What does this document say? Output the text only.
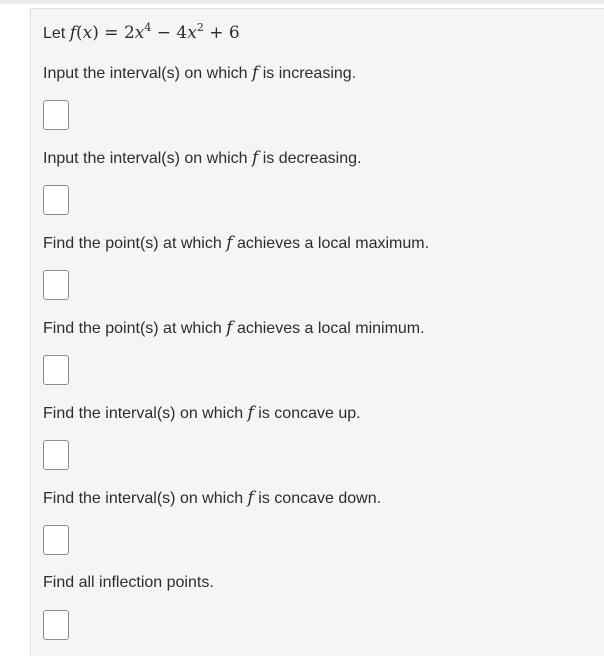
Let $f(x) = 2x^4 - 4x^2 + 6$
Input the interval(s) on which f is increasing.
Input the interval(s) on which f is decreasing.
Find the point(s) at which f achieves a local maximum.
Find the point(s) at which f achieves a local minimum.
Find the interval(s) on which f is concave up.
Find the interval(s) on which f is concave down.
Find all inflection points.
